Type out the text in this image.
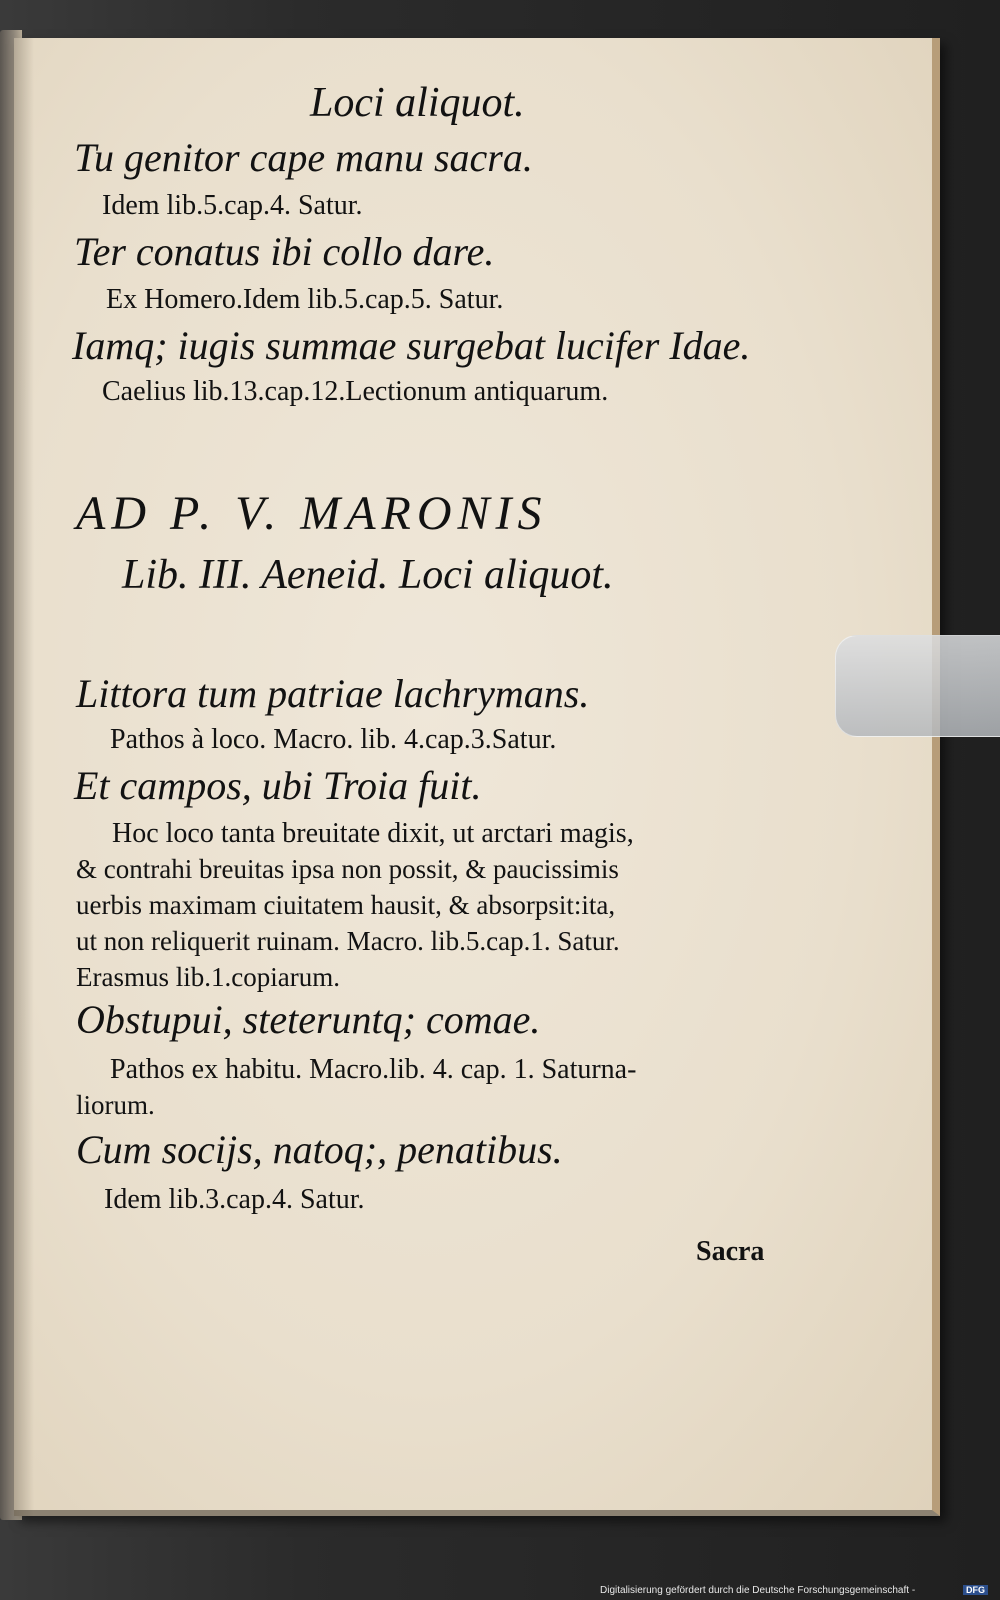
Loci aliquot.
Tu genitor cape manu sacra.
Idem lib.5.cap.4. Satur.
Ter conatus ibi collo dare.
Ex Homero.Idem lib.5.cap.5. Satur.
Iamq; iugis summae surgebat lucifer Idae.
Caelius lib.13.cap.12.Lectionum antiquarum.
AD P. V. MARONIS
Lib. III. Aeneid. Loci aliquot.
Littora tum patriae lachrymans.
Pathos à loco. Macro. lib. 4.cap.3.Satur.
Et campos, ubi Troia fuit.
Hoc loco tanta breuitate dixit, ut arctari magis,
& contrahi breuitas ipsa non possit, & paucissimis
uerbis maximam ciuitatem hausit, & absorpsit:ita,
ut non reliquerit ruinam. Macro. lib.5.cap.1. Satur.
Erasmus lib.1.copiarum.
Obstupui, steteruntq; comae.
Pathos ex habitu. Macro.lib. 4. cap. 1. Saturna-
liorum.
Cum socijs, natoq;, penatibus.
Idem lib.3.cap.4. Satur.
Sacra
Digitalisierung gefördert durch die Deutsche Forschungsgemeinschaft -	DFG
